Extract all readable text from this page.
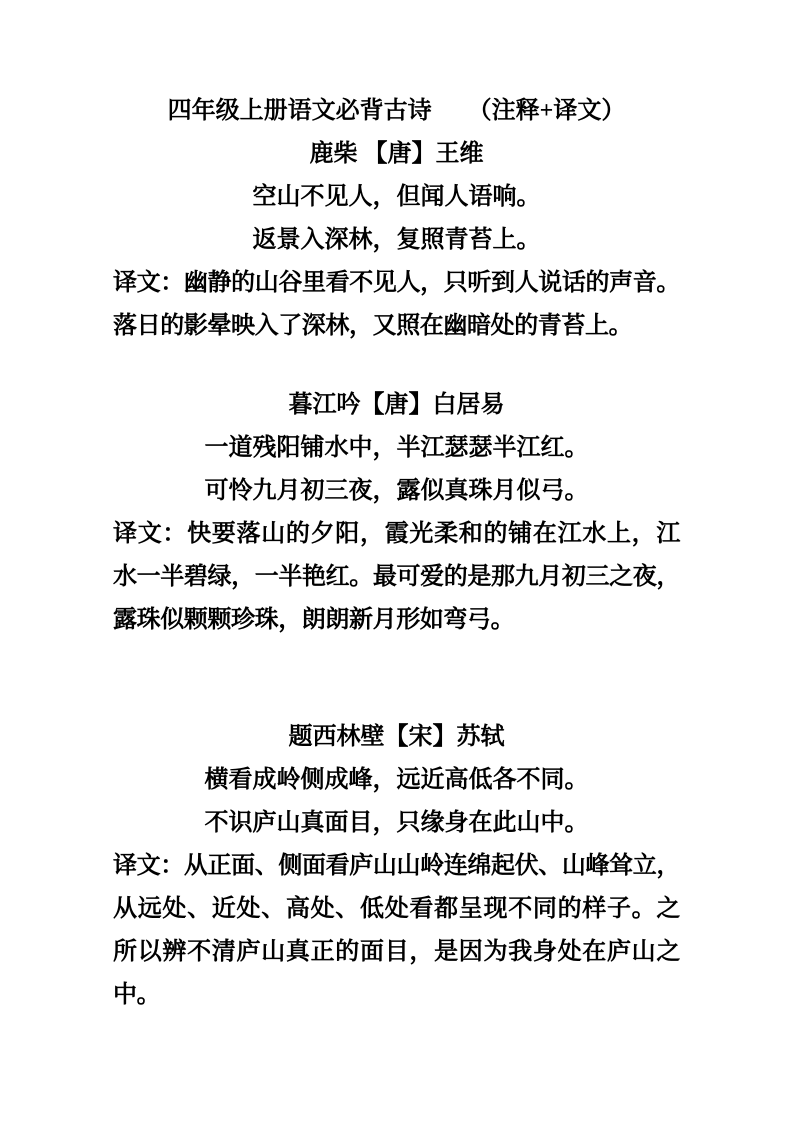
四年级上册语文必背古诗　　（注释+译文）
鹿柴 【唐】王维
空山不见人，但闻人语响。
返景入深林，复照青苔上。
译文：幽静的山谷里看不见人，只听到人说话的声音。
落日的影晕映入了深林，又照在幽暗处的青苔上。
暮江吟【唐】白居易
一道残阳铺水中，半江瑟瑟半江红。
可怜九月初三夜，露似真珠月似弓。
译文：快要落山的夕阳，霞光柔和的铺在江水上，江
水一半碧绿，一半艳红。最可爱的是那九月初三之夜，
露珠似颗颗珍珠，朗朗新月形如弯弓。
题西林壁【宋】苏轼
横看成岭侧成峰，远近高低各不同。
不识庐山真面目，只缘身在此山中。
译文：从正面、侧面看庐山山岭连绵起伏、山峰耸立，
从远处、近处、高处、低处看都呈现不同的样子。之
所以辨不清庐山真正的面目，是因为我身处在庐山之
中。
